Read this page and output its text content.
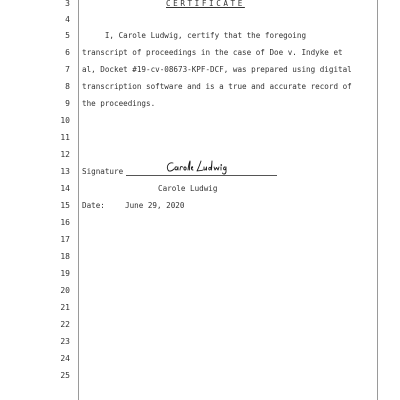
3	CERTIFICATE
4
5 I, Carole Ludwig, certify that the foregoing
6 transcript of proceedings in the case of Doe v. Indyke et
7 al, Docket #19-cv-08673-KPF-DCF, was prepared using digital
8 transcription software and is a true and accurate record of
9 the proceedings.
10
11
12
13 Signature
14	Carole Ludwig
15 Date:	June 29, 2020
16
17
18
19
20
21
22
23
24
25
